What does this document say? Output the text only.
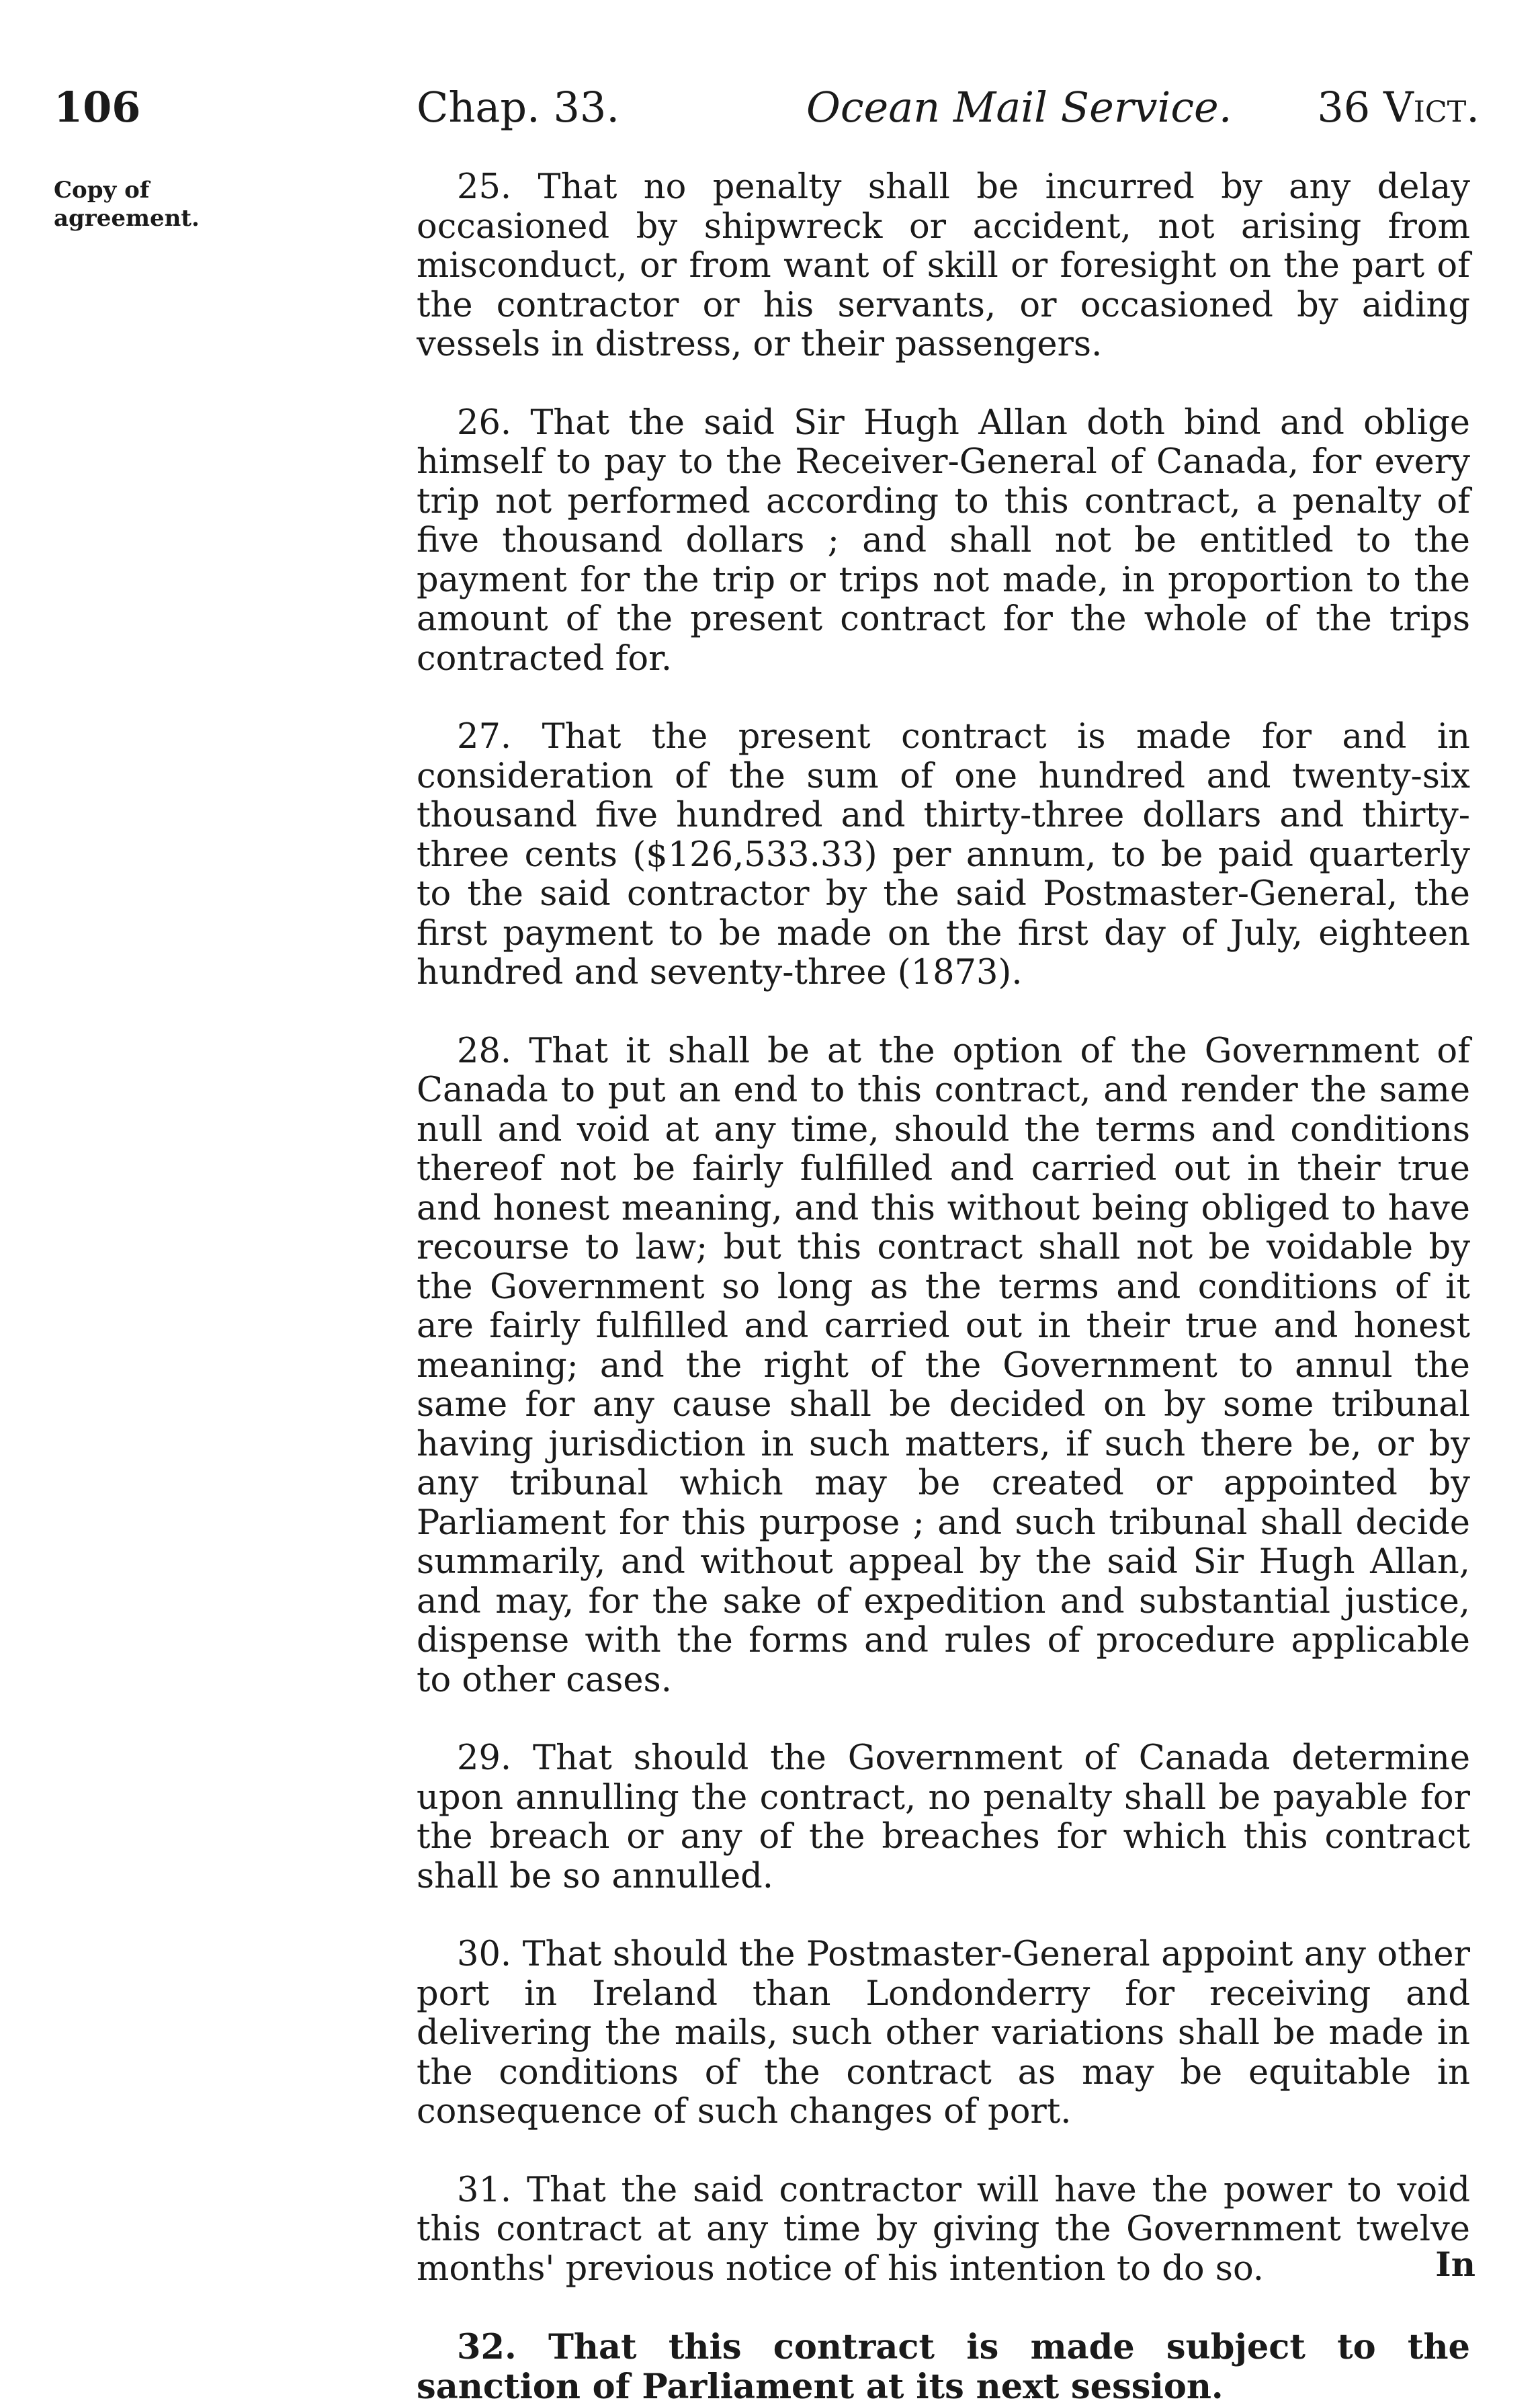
106	Chap. 33.	Ocean Mail Service. 36 Vict.
Copy of
agreement.

25. That no penalty shall be incurred by any delay occasioned by shipwreck or accident, not arising from misconduct, or from want of skill or foresight on the part of the contractor or his servants, or occasioned by aiding vessels in distress, or their passengers.

26. That the said Sir Hugh Allan doth bind and oblige himself to pay to the Receiver-General of Canada, for every trip not performed according to this contract, a penalty of five thousand dollars ; and shall not be entitled to the payment for the trip or trips not made, in proportion to the amount of the present contract for the whole of the trips contracted for.

27. That the present contract is made for and in consideration of the sum of one hundred and twenty-six thousand five hundred and thirty-three dollars and thirty-three cents ($126,533.33) per annum, to be paid quarterly to the said contractor by the said Postmaster-General, the first payment to be made on the first day of July, eighteen hundred and seventy-three (1873).

28. That it shall be at the option of the Government of Canada to put an end to this contract, and render the same null and void at any time, should the terms and conditions thereof not be fairly fulfilled and carried out in their true and honest meaning, and this without being obliged to have recourse to law; but this contract shall not be voidable by the Government so long as the terms and conditions of it are fairly fulfilled and carried out in their true and honest meaning; and the right of the Government to annul the same for any cause shall be decided on by some tribunal having jurisdiction in such matters, if such there be, or by any tribunal which may be created or appointed by Parliament for this purpose ; and such tribunal shall decide summarily, and without appeal by the said Sir Hugh Allan, and may, for the sake of expedition and substantial justice, dispense with the forms and rules of procedure applicable to other cases.

29. That should the Government of Canada determine upon annulling the contract, no penalty shall be payable for the breach or any of the breaches for which this contract shall be so annulled.

30. That should the Postmaster-General appoint any other port in Ireland than Londonderry for receiving and delivering the mails, such other variations shall be made in the conditions of the contract as may be equitable in consequence of such changes of port.

31. That the said contractor will have the power to void this contract at any time by giving the Government twelve months' previous notice of his intention to do so.

32. That this contract is made subject to the sanction of Parliament at its next session.

In
